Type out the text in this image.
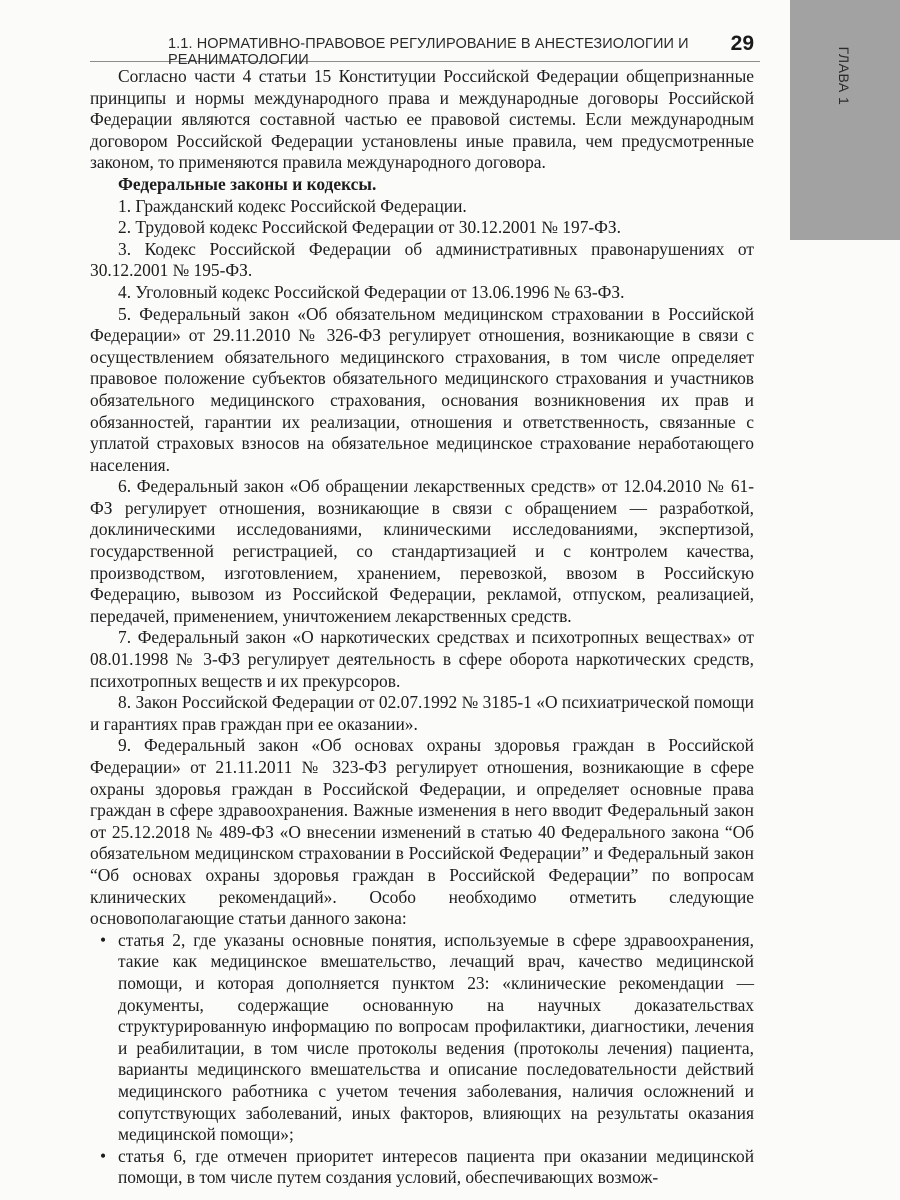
1.1. НОРМАТИВНО-ПРАВОВОЕ РЕГУЛИРОВАНИЕ В АНЕСТЕЗИОЛОГИИ И РЕАНИМАТОЛОГИИ
29
ГЛАВА 1

Согласно части 4 статьи 15 Конституции Российской Федерации общепризнанные принципы и нормы международного права и международные договоры Российской Федерации являются составной частью ее правовой системы. Если международным договором Российской Федерации установлены иные правила, чем предусмотренные законом, то применяются правила международного договора.

Федеральные законы и кодексы.

1. Гражданский кодекс Российской Федерации.

2. Трудовой кодекс Российской Федерации от 30.12.2001 № 197-ФЗ.

3. Кодекс Российской Федерации об административных правонарушениях от 30.12.2001 № 195-ФЗ.

4. Уголовный кодекс Российской Федерации от 13.06.1996 № 63-ФЗ.

5. Федеральный закон «Об обязательном медицинском страховании в Российской Федерации» от 29.11.2010 № 326-ФЗ регулирует отношения, возникающие в связи с осуществлением обязательного медицинского страхования, в том числе определяет правовое положение субъектов обязательного медицинского страхования и участников обязательного медицинского страхования, основания возникновения их прав и обязанностей, гарантии их реализации, отношения и ответственность, связанные с уплатой страховых взносов на обязательное медицинское страхование неработающего населения.

6. Федеральный закон «Об обращении лекарственных средств» от 12.04.2010 № 61-ФЗ регулирует отношения, возникающие в связи с обращением — разработкой, доклиническими исследованиями, клиническими исследованиями, экспертизой, государственной регистрацией, со стандартизацией и с контролем качества, производством, изготовлением, хранением, перевозкой, ввозом в Российскую Федерацию, вывозом из Российской Федерации, рекламой, отпуском, реализацией, передачей, применением, уничтожением лекарственных средств.

7. Федеральный закон «О наркотических средствах и психотропных веществах» от 08.01.1998 № 3-ФЗ регулирует деятельность в сфере оборота наркотических средств, психотропных веществ и их прекурсоров.

8. Закон Российской Федерации от 02.07.1992 № 3185-1 «О психиатрической помощи и гарантиях прав граждан при ее оказании».

9. Федеральный закон «Об основах охраны здоровья граждан в Российской Федерации» от 21.11.2011 № 323-ФЗ регулирует отношения, возникающие в сфере охраны здоровья граждан в Российской Федерации, и определяет основные права граждан в сфере здравоохранения. Важные изменения в него вводит Федеральный закон от 25.12.2018 № 489-ФЗ «О внесении изменений в статью 40 Федерального закона “Об обязательном медицинском страховании в Российской Федерации” и Федеральный закон “Об основах охраны здоровья граждан в Российской Федерации” по вопросам клинических рекомендаций». Особо необходимо отметить следующие основополагающие статьи данного закона:

• статья 2, где указаны основные понятия, используемые в сфере здравоохранения, такие как медицинское вмешательство, лечащий врач, качество медицинской помощи, и которая дополняется пунктом 23: «клинические рекомендации — документы, содержащие основанную на научных доказательствах структурированную информацию по вопросам профилактики, диагностики, лечения и реабилитации, в том числе протоколы ведения (протоколы лечения) пациента, варианты медицинского вмешательства и описание последовательности действий медицинского работника с учетом течения заболевания, наличия осложнений и сопутствующих заболеваний, иных факторов, влияющих на результаты оказания медицинской помощи»;
• статья 6, где отмечен приоритет интересов пациента при оказании медицинской помощи, в том числе путем создания условий, обеспечивающих возмож-
